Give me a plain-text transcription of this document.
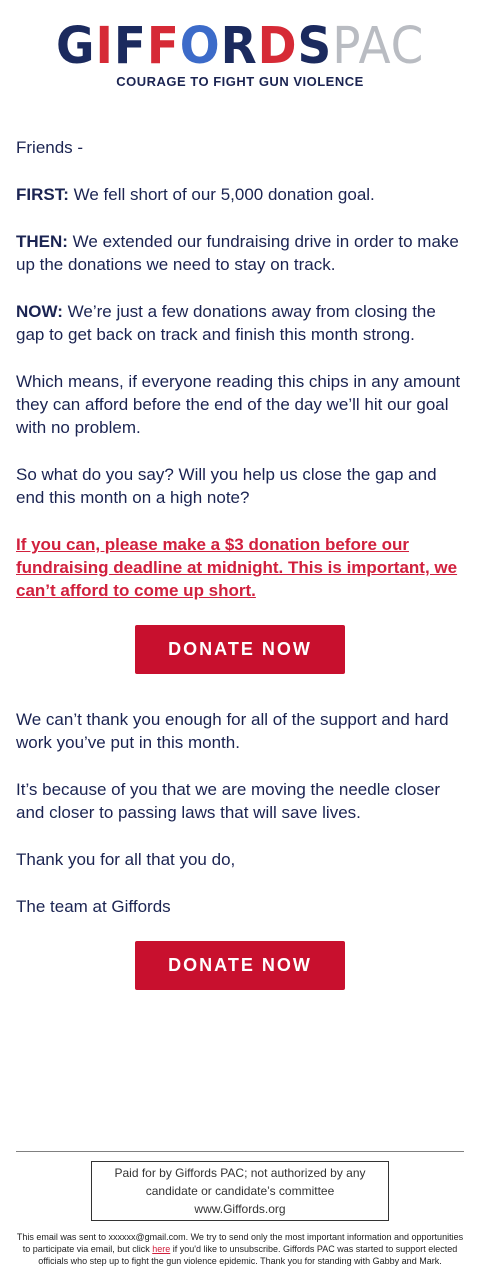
GIFFORDSPAC
COURAGE TO FIGHT GUN VIOLENCE

Friends -

FIRST: We fell short of our 5,000 donation goal.

THEN: We extended our fundraising drive in order to make up the donations we need to stay on track.

NOW: We’re just a few donations away from closing the gap to get back on track and finish this month strong.

Which means, if everyone reading this chips in any amount they can afford before the end of the day we’ll hit our goal with no problem.

So what do you say? Will you help us close the gap and end this month on a high note?

If you can, please make a $3 donation before our fundraising deadline at midnight. This is important, we can’t afford to come up short.

DONATE NOW

We can’t thank you enough for all of the support and hard work you’ve put in this month.

It’s because of you that we are moving the needle closer and closer to passing laws that will save lives.

Thank you for all that you do,

The team at Giffords

DONATE NOW
Paid for by Giffords PAC; not authorized by any candidate or candidate’s committee
www.Giffords.org
This email was sent to xxxxxx@gmail.com. We try to send only the most important information and opportunities to participate via email, but click here if you'd like to unsubscribe. Giffords PAC was started to support elected officials who step up to fight the gun violence epidemic. Thank you for standing with Gabby and Mark.
